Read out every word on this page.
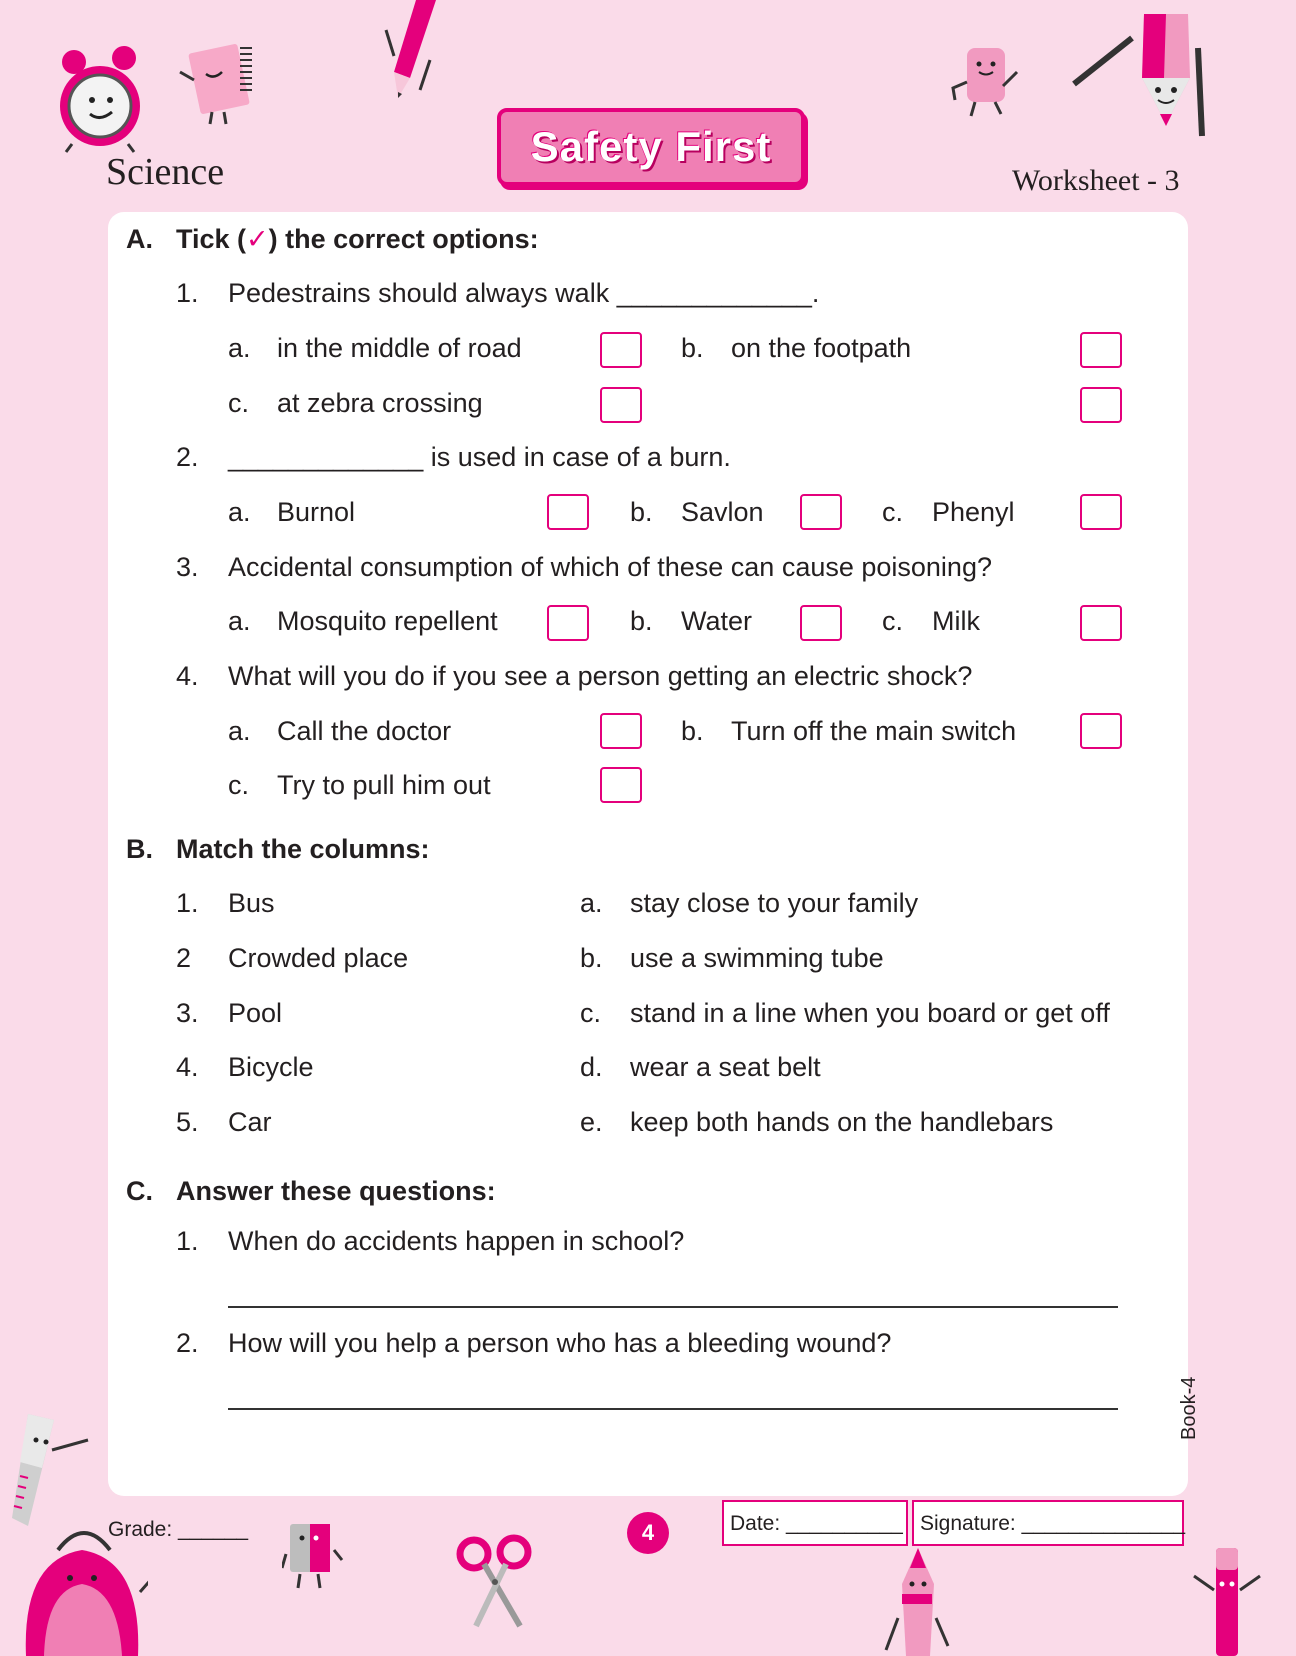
Science
Safety First
Worksheet - 3
A. Tick (✓) the correct options:
1. Pedestrains should always walk _____________.
a. in the middle of road	b. on the footpath
c. at zebra crossing
2. _____________ is used in case of a burn.
a. Burnol	b. Savlon	c. Phenyl
3. Accidental consumption of which of these can cause poisoning?
a. Mosquito repellent	b. Water	c. Milk
4. What will you do if you see a person getting an electric shock?
a. Call the doctor	b. Turn off the main switch
c. Try to pull him out
B. Match the columns:
1. Bus	a. stay close to your family
2 Crowded place	b. use a swimming tube
3. Pool	c. stand in a line when you board or get off
4. Bicycle	d. wear a seat belt
5. Car	e. keep both hands on the handlebars
C. Answer these questions:
1. When do accidents happen in school?
2. How will you help a person who has a bleeding wound?
Book-4
Grade: ______	4	Date: __________ Signature: ______________
